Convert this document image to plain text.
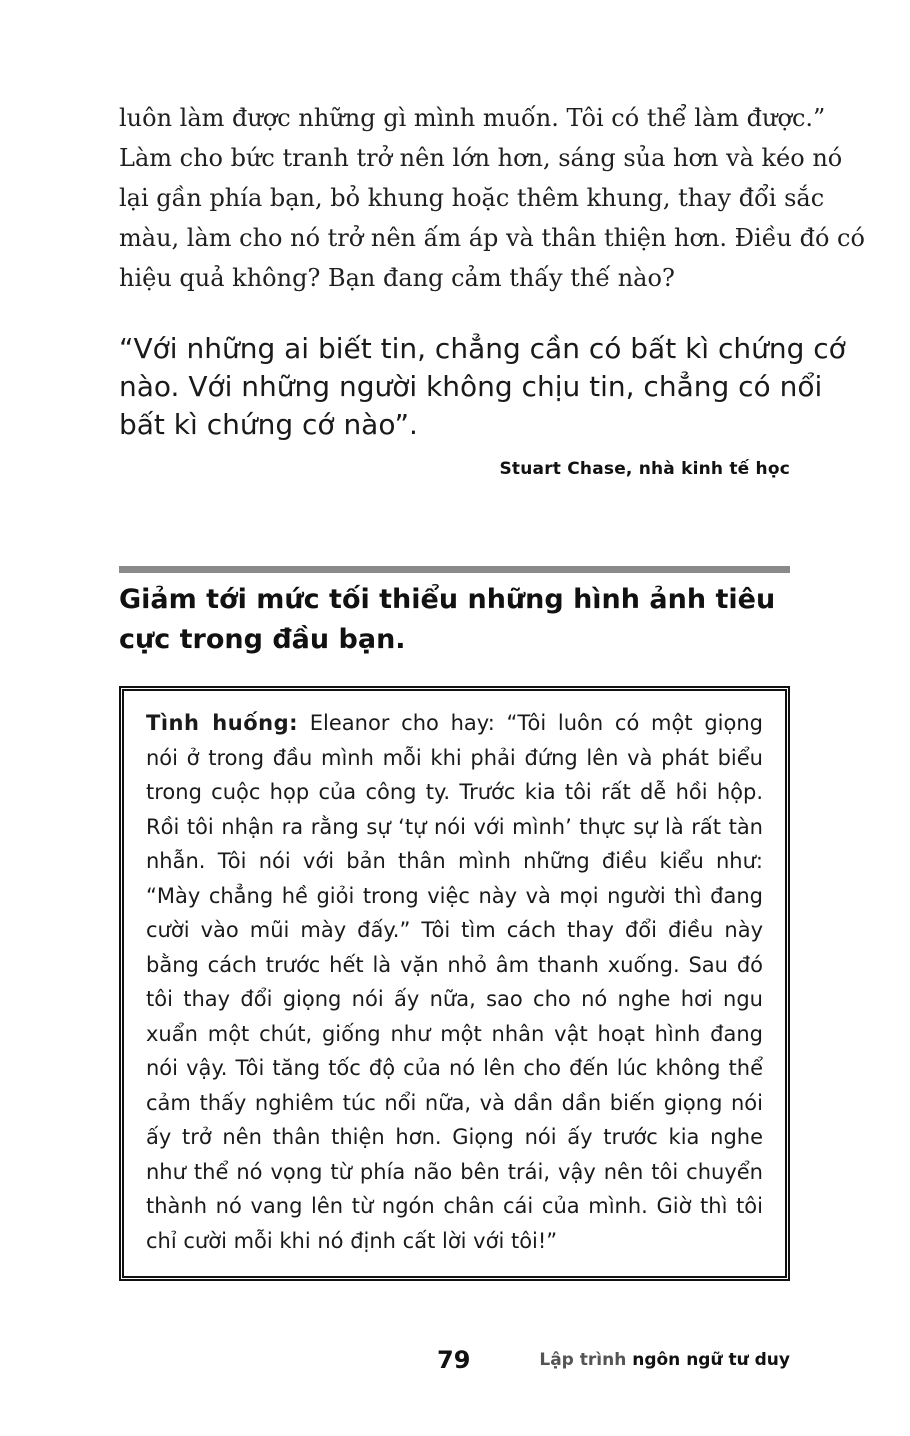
luôn làm được những gì mình muốn. Tôi có thể làm được.”
Làm cho bức tranh trở nên lớn hơn, sáng sủa hơn và kéo nó
lại gần phía bạn, bỏ khung hoặc thêm khung, thay đổi sắc
màu, làm cho nó trở nên ấm áp và thân thiện hơn. Điều đó có
hiệu quả không? Bạn đang cảm thấy thế nào?
“Với những ai biết tin, chẳng cần có bất kì chứng cớ
nào. Với những người không chịu tin, chẳng có nổi
bất kì chứng cớ nào”.
Stuart Chase, nhà kinh tế học
Giảm tới mức tối thiểu những hình ảnh tiêu
cực trong đầu bạn.
Tình huống: Eleanor cho hay: “Tôi luôn có một giọng
nói ở trong đầu mình mỗi khi phải đứng lên và phát biểu
trong cuộc họp của công ty. Trước kia tôi rất dễ hồi hộp.
Rồi tôi nhận ra rằng sự ‘tự nói với mình’ thực sự là rất tàn
nhẫn. Tôi nói với bản thân mình những điều kiểu như:
“Mày chẳng hề giỏi trong việc này và mọi người thì đang
cười vào mũi mày đấy.” Tôi tìm cách thay đổi điều này
bằng cách trước hết là vặn nhỏ âm thanh xuống. Sau đó
tôi thay đổi giọng nói ấy nữa, sao cho nó nghe hơi ngu
xuẩn một chút, giống như một nhân vật hoạt hình đang
nói vậy. Tôi tăng tốc độ của nó lên cho đến lúc không thể
cảm thấy nghiêm túc nổi nữa, và dần dần biến giọng nói
ấy trở nên thân thiện hơn. Giọng nói ấy trước kia nghe
như thể nó vọng từ phía não bên trái, vậy nên tôi chuyển
thành nó vang lên từ ngón chân cái của mình. Giờ thì tôi
chỉ cười mỗi khi nó định cất lời với tôi!”
79	Lập trình ngôn ngữ tư duy
